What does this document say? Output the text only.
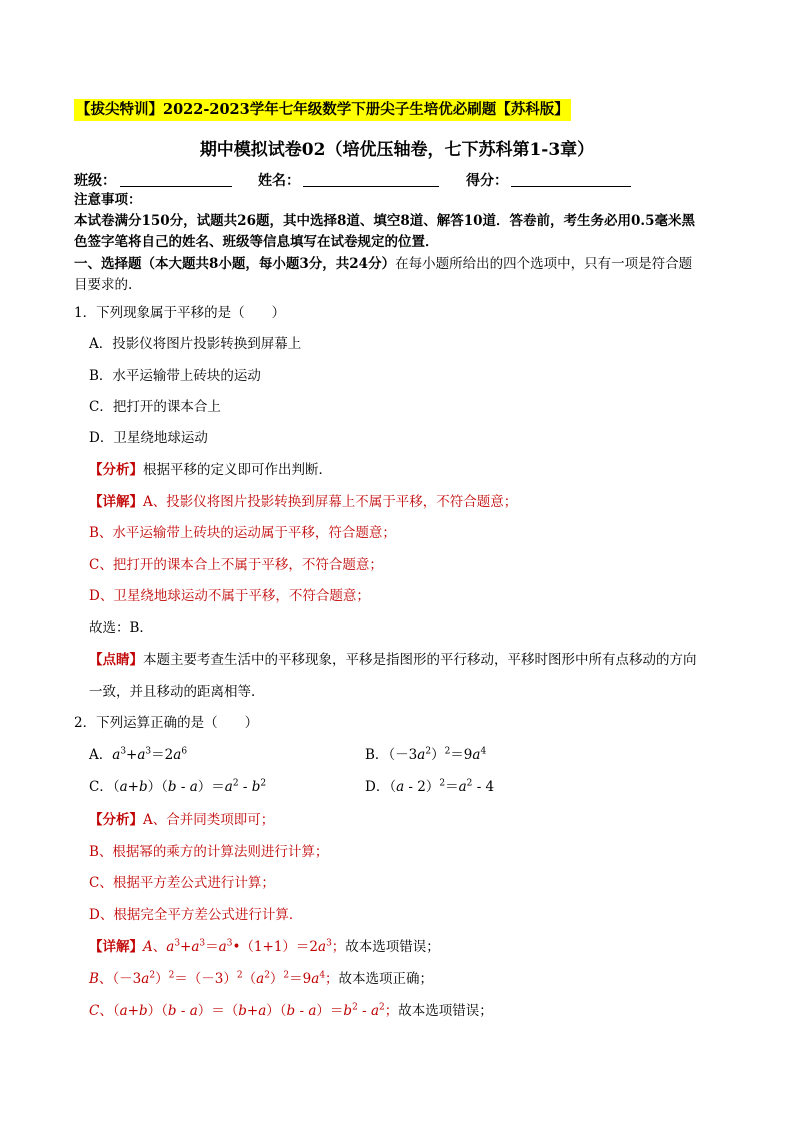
【拔尖特训】2022-2023学年七年级数学下册尖子生培优必刷题【苏科版】
期中模拟试卷02（培优压轴卷，七下苏科第1-3章）
班级：	姓名：	得分：
注意事项：
本试卷满分150分，试题共26题，其中选择8道、填空8道、解答10道．答卷前，考生务必用0.5毫米黑
色签字笔将自己的姓名、班级等信息填写在试卷规定的位置．
一、选择题（本大题共8小题，每小题3分，共24分）在每小题所给出的四个选项中，只有一项是符合题
目要求的.
1．下列现象属于平移的是（　　）
A．投影仪将图片投影转换到屏幕上
B．水平运输带上砖块的运动
C．把打开的课本合上
D．卫星绕地球运动
【分析】根据平移的定义即可作出判断．
【详解】A、投影仪将图片投影转换到屏幕上不属于平移，不符合题意；
B、水平运输带上砖块的运动属于平移，符合题意；
C、把打开的课本合上不属于平移，不符合题意；
D、卫星绕地球运动不属于平移，不符合题意；
故选：B．
【点睛】本题主要考查生活中的平移现象，平移是指图形的平行移动，平移时图形中所有点移动的方向
一致，并且移动的距离相等．
2．下列运算正确的是（　　）
A．$a^3+a^3=2a^6$	B．$(-3a^2)^2=9a^4$
C．$(a+b)(b - a)=a^2 - b^2$	D．$(a - 2)^2=a^2 - 4$
【分析】A、合并同类项即可；
B、根据幂的乘方的计算法则进行计算；
C、根据平方差公式进行计算；
D、根据完全平方差公式进行计算．
【详解】A、$a^3+a^3=a^3•(1+1)=2a^3$；故本选项错误；
B、$(-3a^2)^2=(-3)^2(a^2)^2=9a^4$；故本选项正确；
C、$(a+b)(b - a)=(b+a)(b - a)=b^2 - a^2$；故本选项错误；
